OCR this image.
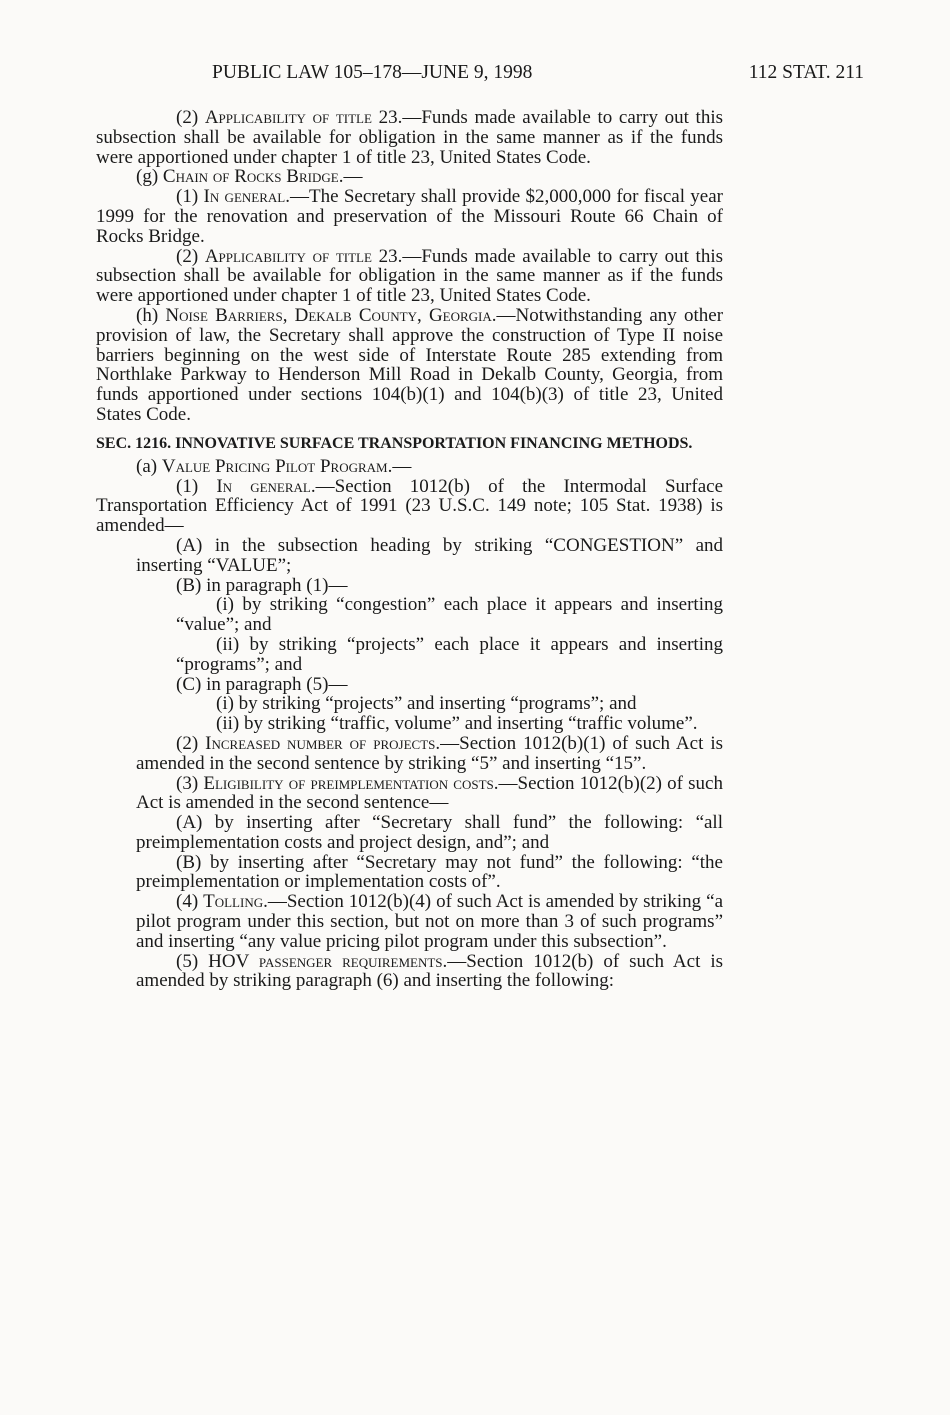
PUBLIC LAW 105–178—JUNE 9, 1998	112 STAT. 211

(2) Applicability of title 23.—Funds made available to carry out this subsection shall be available for obligation in the same manner as if the funds were apportioned under chapter 1 of title 23, United States Code.

(g) Chain of Rocks Bridge.—

(1) In general.—The Secretary shall provide $2,000,000 for fiscal year 1999 for the renovation and preservation of the Missouri Route 66 Chain of Rocks Bridge.

(2) Applicability of title 23.—Funds made available to carry out this subsection shall be available for obligation in the same manner as if the funds were apportioned under chapter 1 of title 23, United States Code.

(h) Noise Barriers, Dekalb County, Georgia.—Notwithstanding any other provision of law, the Secretary shall approve the construction of Type II noise barriers beginning on the west side of Interstate Route 285 extending from Northlake Parkway to Henderson Mill Road in Dekalb County, Georgia, from funds apportioned under sections 104(b)(1) and 104(b)(3) of title 23, United States Code.

SEC. 1216. INNOVATIVE SURFACE TRANSPORTATION FINANCING METHODS.

(a) Value Pricing Pilot Program.—

(1) In general.—Section 1012(b) of the Intermodal Surface Transportation Efficiency Act of 1991 (23 U.S.C. 149 note; 105 Stat. 1938) is amended—

(A) in the subsection heading by striking “CONGESTION” and inserting “VALUE”;

(B) in paragraph (1)—

(i) by striking “congestion” each place it appears and inserting “value”; and

(ii) by striking “projects” each place it appears and inserting “programs”; and

(C) in paragraph (5)—

(i) by striking “projects” and inserting “programs”; and

(ii) by striking “traffic, volume” and inserting “traffic volume”.

(2) Increased number of projects.—Section 1012(b)(1) of such Act is amended in the second sentence by striking “5” and inserting “15”.

(3) Eligibility of preimplementation costs.—Section 1012(b)(2) of such Act is amended in the second sentence—

(A) by inserting after “Secretary shall fund” the following: “all preimplementation costs and project design, and”; and

(B) by inserting after “Secretary may not fund” the following: “the preimplementation or implementation costs of”.

(4) Tolling.—Section 1012(b)(4) of such Act is amended by striking “a pilot program under this section, but not on more than 3 of such programs” and inserting “any value pricing pilot program under this subsection”.

(5) HOV passenger requirements.—Section 1012(b) of such Act is amended by striking paragraph (6) and inserting the following:
